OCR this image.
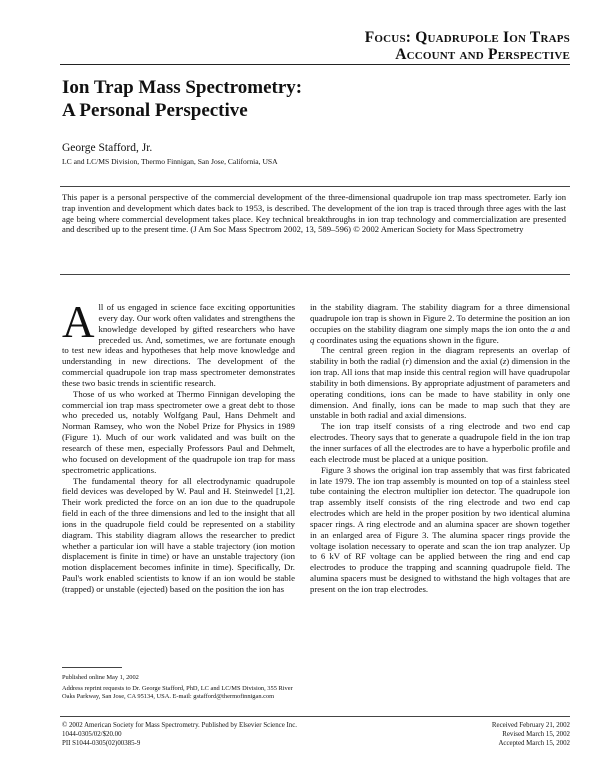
Focus: Quadrupole Ion Traps
Account and Perspective
Ion Trap Mass Spectrometry:
A Personal Perspective
George Stafford, Jr.
LC and LC/MS Division, Thermo Finnigan, San Jose, California, USA
This paper is a personal perspective of the commercial development of the three-dimensional quadrupole ion trap mass spectrometer. Early ion trap invention and development which dates back to 1953, is described. The development of the ion trap is traced through three ages with the last age being where commercial development takes place. Key technical breakthroughs in ion trap technology and commercialization are presented and described up to the present time. (J Am Soc Mass Spectrom 2002, 13, 589–596) © 2002 American Society for Mass Spectrometry

All of us engaged in science face exciting opportunities every day. Our work often validates and strengthens the knowledge developed by gifted researchers who have preceded us. And, sometimes, we are fortunate enough to test new ideas and hypotheses that help move knowledge and understanding in new directions. The development of the commercial quadrupole ion trap mass spectrometer demonstrates these two basic trends in scientific research.

Those of us who worked at Thermo Finnigan developing the commercial ion trap mass spectrometer owe a great debt to those who preceded us, notably Wolfgang Paul, Hans Dehmelt and Norman Ramsey, who won the Nobel Prize for Physics in 1989 (Figure 1). Much of our work validated and was built on the research of these men, especially Professors Paul and Dehmelt, who focused on development of the quadrupole ion trap for mass spectrometric applications.

The fundamental theory for all electrodynamic quadrupole field devices was developed by W. Paul and H. Steinwedel [1,2]. Their work predicted the force on an ion due to the quadrupole field in each of the three dimensions and led to the insight that all ions in the quadrupole field could be represented on a stability diagram. This stability diagram allows the researcher to predict whether a particular ion will have a stable trajectory (ion motion displacement is finite in time) or have an unstable trajectory (ion motion displacement becomes infinite in time). Specifically, Dr. Paul's work enabled scientists to know if an ion would be stable (trapped) or unstable (ejected) based on the position the ion has

in the stability diagram. The stability diagram for a three dimensional quadrupole ion trap is shown in Figure 2. To determine the position an ion occupies on the stability diagram one simply maps the ion onto the a and q coordinates using the equations shown in the figure.

The central green region in the diagram represents an overlap of stability in both the radial (r) dimension and the axial (z) dimension in the ion trap. All ions that map inside this central region will have quadrupolar stability in both dimensions. By appropriate adjustment of parameters and operating conditions, ions can be made to have stability in only one dimension. And finally, ions can be made to map such that they are unstable in both radial and axial dimensions.

The ion trap itself consists of a ring electrode and two end cap electrodes. Theory says that to generate a quadrupole field in the ion trap the inner surfaces of all the electrodes are to have a hyperbolic profile and each electrode must be placed at a unique position.

Figure 3 shows the original ion trap assembly that was first fabricated in late 1979. The ion trap assembly is mounted on top of a stainless steel tube containing the electron multiplier ion detector. The quadrupole ion trap assembly itself consists of the ring electrode and two end cap electrodes which are held in the proper position by two identical alumina spacer rings. A ring electrode and an alumina spacer are shown together in an enlarged area of Figure 3. The alumina spacer rings provide the voltage isolation necessary to operate and scan the ion trap analyzer. Up to 6 kV of RF voltage can be applied between the ring and end cap electrodes to produce the trapping and scanning quadrupole field. The alumina spacers must be designed to withstand the high voltages that are present on the ion trap electrodes.

Published online May 1, 2002

Address reprint requests to Dr. George Stafford, PhD, LC and LC/MS Division, 355 River Oaks Parkway, San Jose, CA 95134, USA. E-mail: gstafford@thermofinnigan.com

© 2002 American Society for Mass Spectrometry. Published by Elsevier Science Inc.
1044-0305/02/$20.00
PII S1044-0305(02)00385-9
Received February 21, 2002
Revised March 15, 2002
Accepted March 15, 2002
